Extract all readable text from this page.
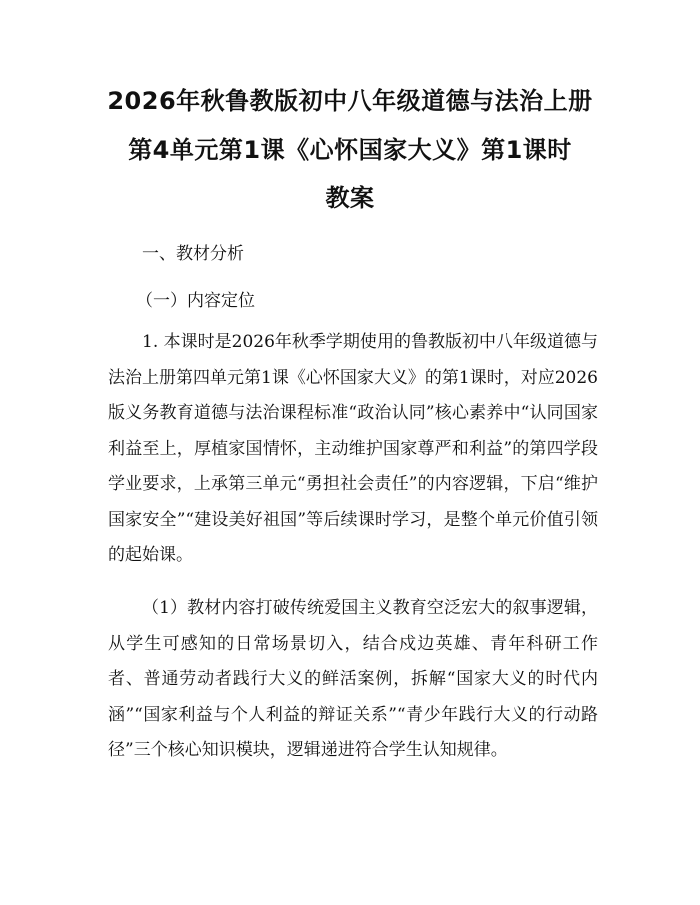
2026年秋鲁教版初中八年级道德与法治上册
第4单元第1课《心怀国家大义》第1课时
教案
一、教材分析
（一）内容定位

1. 本课时是2026年秋季学期使用的鲁教版初中八年级道德与法治上册第四单元第1课《心怀国家大义》的第1课时，对应2026版义务教育道德与法治课程标准“政治认同”核心素养中“认同国家利益至上，厚植家国情怀，主动维护国家尊严和利益”的第四学段学业要求，上承第三单元“勇担社会责任”的内容逻辑，下启“维护国家安全”“建设美好祖国”等后续课时学习，是整个单元价值引领的起始课。

（1）教材内容打破传统爱国主义教育空泛宏大的叙事逻辑，从学生可感知的日常场景切入，结合戍边英雄、青年科研工作者、普通劳动者践行大义的鲜活案例，拆解“国家大义的时代内涵”“国家利益与个人利益的辩证关系”“青少年践行大义的行动路径”三个核心知识模块，逻辑递进符合学生认知规律。
